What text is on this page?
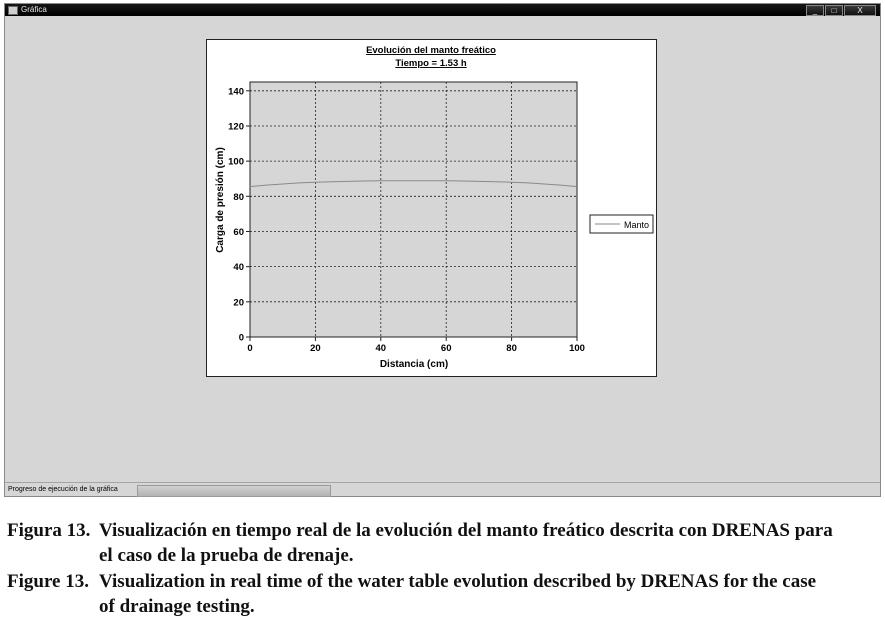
Gráfica	_	□	X
0
20
40
60
80
100
120
140
0	20	40	60	80	100
Evolución del manto freático
Tiempo = 1.53 h
Distancia (cm)
Carga de presión (cm)	Manto
Progreso de ejecución de la gráfica
Figura 13. Visualización en tiempo real de la evolución del manto freático descrita con DRENAS para
el caso de la prueba de drenaje.
Figure 13. Visualization in real time of the water table evolution described by DRENAS for the case
of drainage testing.
